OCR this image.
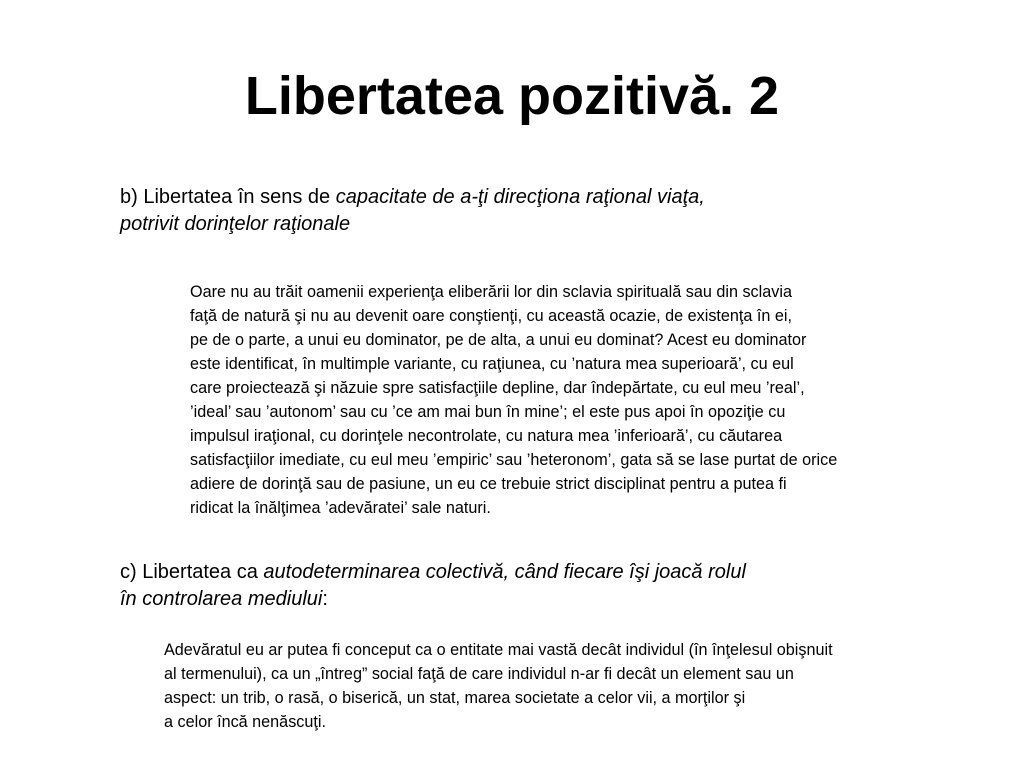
Libertatea pozitivă. 2

b) Libertatea în sens de capacitate de a-ţi direcţiona raţional viaţa,
potrivit dorinţelor raţionale

Oare nu au trăit oamenii experienţa eliberării lor din sclavia spirituală sau din sclavia
faţă de natură şi nu au devenit oare conştienţi, cu această ocazie, de existenţa în ei,
pe de o parte, a unui eu dominator, pe de alta, a unui eu dominat? Acest eu dominator
este identificat, în multimple variante, cu raţiunea, cu ’natura mea superioară’, cu eul
care proiectează şi năzuie spre satisfacţiile depline, dar îndepărtate, cu eul meu ’real’,
’ideal’ sau ’autonom’ sau cu ’ce am mai bun în mine’; el este pus apoi în opoziţie cu
impulsul iraţional, cu dorinţele necontrolate, cu natura mea ’inferioară’, cu căutarea
satisfacţiilor imediate, cu eul meu ’empiric’ sau ’heteronom’, gata să se lase purtat de orice
adiere de dorinţă sau de pasiune, un eu ce trebuie strict disciplinat pentru a putea fi
ridicat la înălţimea ’adevăratei’ sale naturi.

c) Libertatea ca autodeterminarea colectivă, când fiecare îşi joacă rolul
în controlarea mediului:

Adevăratul eu ar putea fi conceput ca o entitate mai vastă decât individul (în înţelesul obişnuit
al termenului), ca un „întreg” social faţă de care individul n-ar fi decât un element sau un
aspect: un trib, o rasă, o biserică, un stat, marea societate a celor vii, a morţilor şi
a celor încă nenăscuţi.
